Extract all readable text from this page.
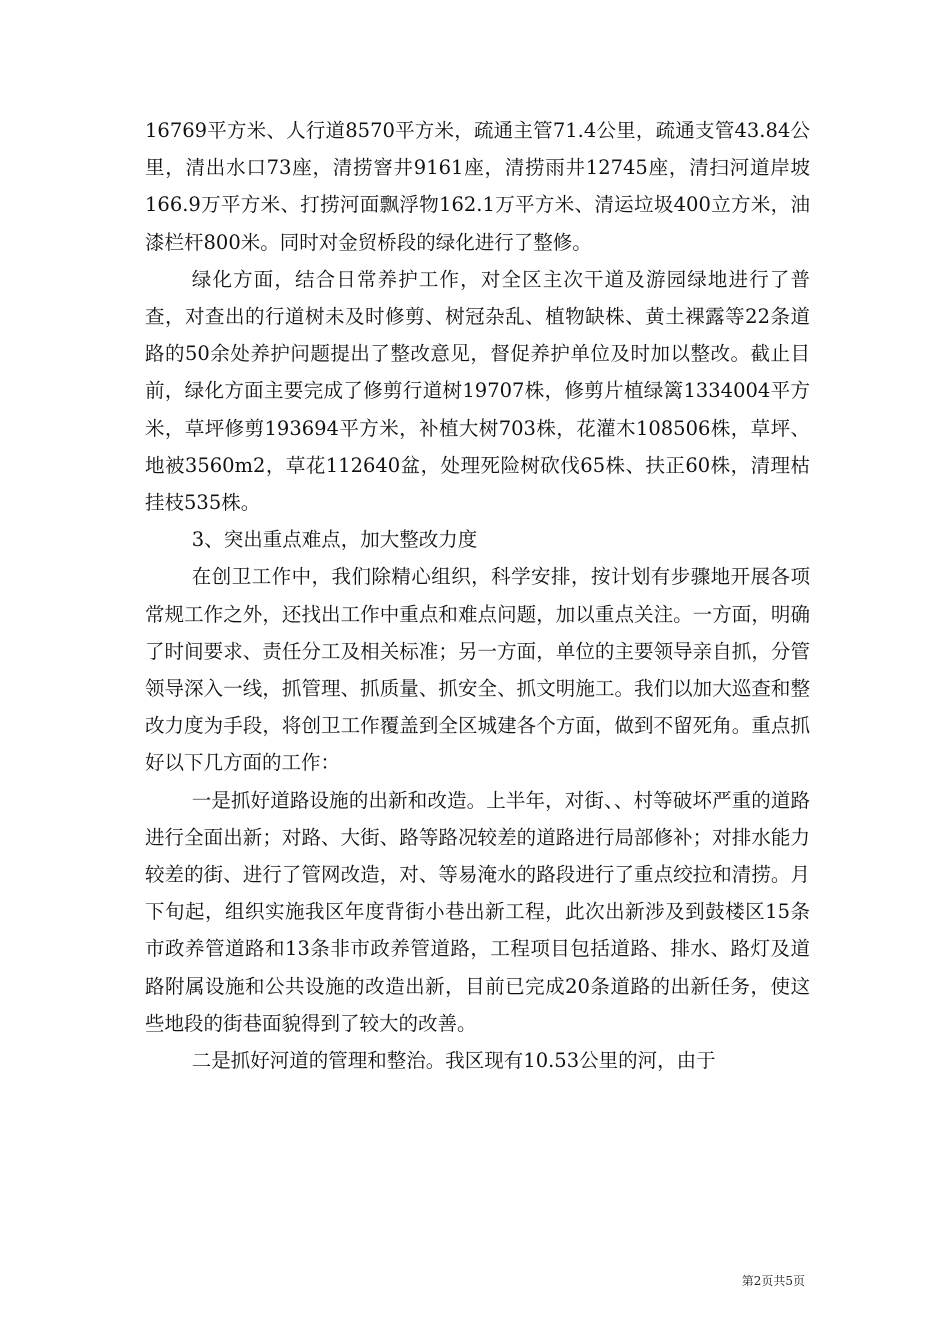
16769平方米、人行道8570平方米，疏通主管71.4公里，疏通支管43.84公里，清出水口73座，清捞窨井9161座，清捞雨井12745座，清扫河道岸坡166.9万平方米、打捞河面飘浮物162.1万平方米、清运垃圾400立方米，油漆栏杆800米。同时对金贸桥段的绿化进行了整修。

绿化方面，结合日常养护工作，对全区主次干道及游园绿地进行了普查，对查出的行道树未及时修剪、树冠杂乱、植物缺株、黄土裸露等22条道路的50余处养护问题提出了整改意见，督促养护单位及时加以整改。截止目前，绿化方面主要完成了修剪行道树19707株，修剪片植绿篱1334004平方米，草坪修剪193694平方米，补植大树703株，花灌木108506株，草坪、地被3560m2，草花112640盆，处理死险树砍伐65株、扶正60株，清理枯挂枝535株。

3、突出重点难点，加大整改力度

在创卫工作中，我们除精心组织，科学安排，按计划有步骤地开展各项常规工作之外，还找出工作中重点和难点问题，加以重点关注。一方面，明确了时间要求、责任分工及相关标准；另一方面，单位的主要领导亲自抓，分管领导深入一线，抓管理、抓质量、抓安全、抓文明施工。我们以加大巡查和整改力度为手段，将创卫工作覆盖到全区城建各个方面，做到不留死角。重点抓好以下几方面的工作：

一是抓好道路设施的出新和改造。上半年，对街、、村等破坏严重的道路进行全面出新；对路、大街、路等路况较差的道路进行局部修补；对排水能力较差的街、进行了管网改造，对、等易淹水的路段进行了重点绞拉和清捞。月下旬起，组织实施我区年度背街小巷出新工程，此次出新涉及到鼓楼区15条市政养管道路和13条非市政养管道路，工程项目包括道路、排水、路灯及道路附属设施和公共设施的改造出新，目前已完成20条道路的出新任务，使这些地段的街巷面貌得到了较大的改善。

二是抓好河道的管理和整治。我区现有10.53公里的河，由于

第2页共5页
